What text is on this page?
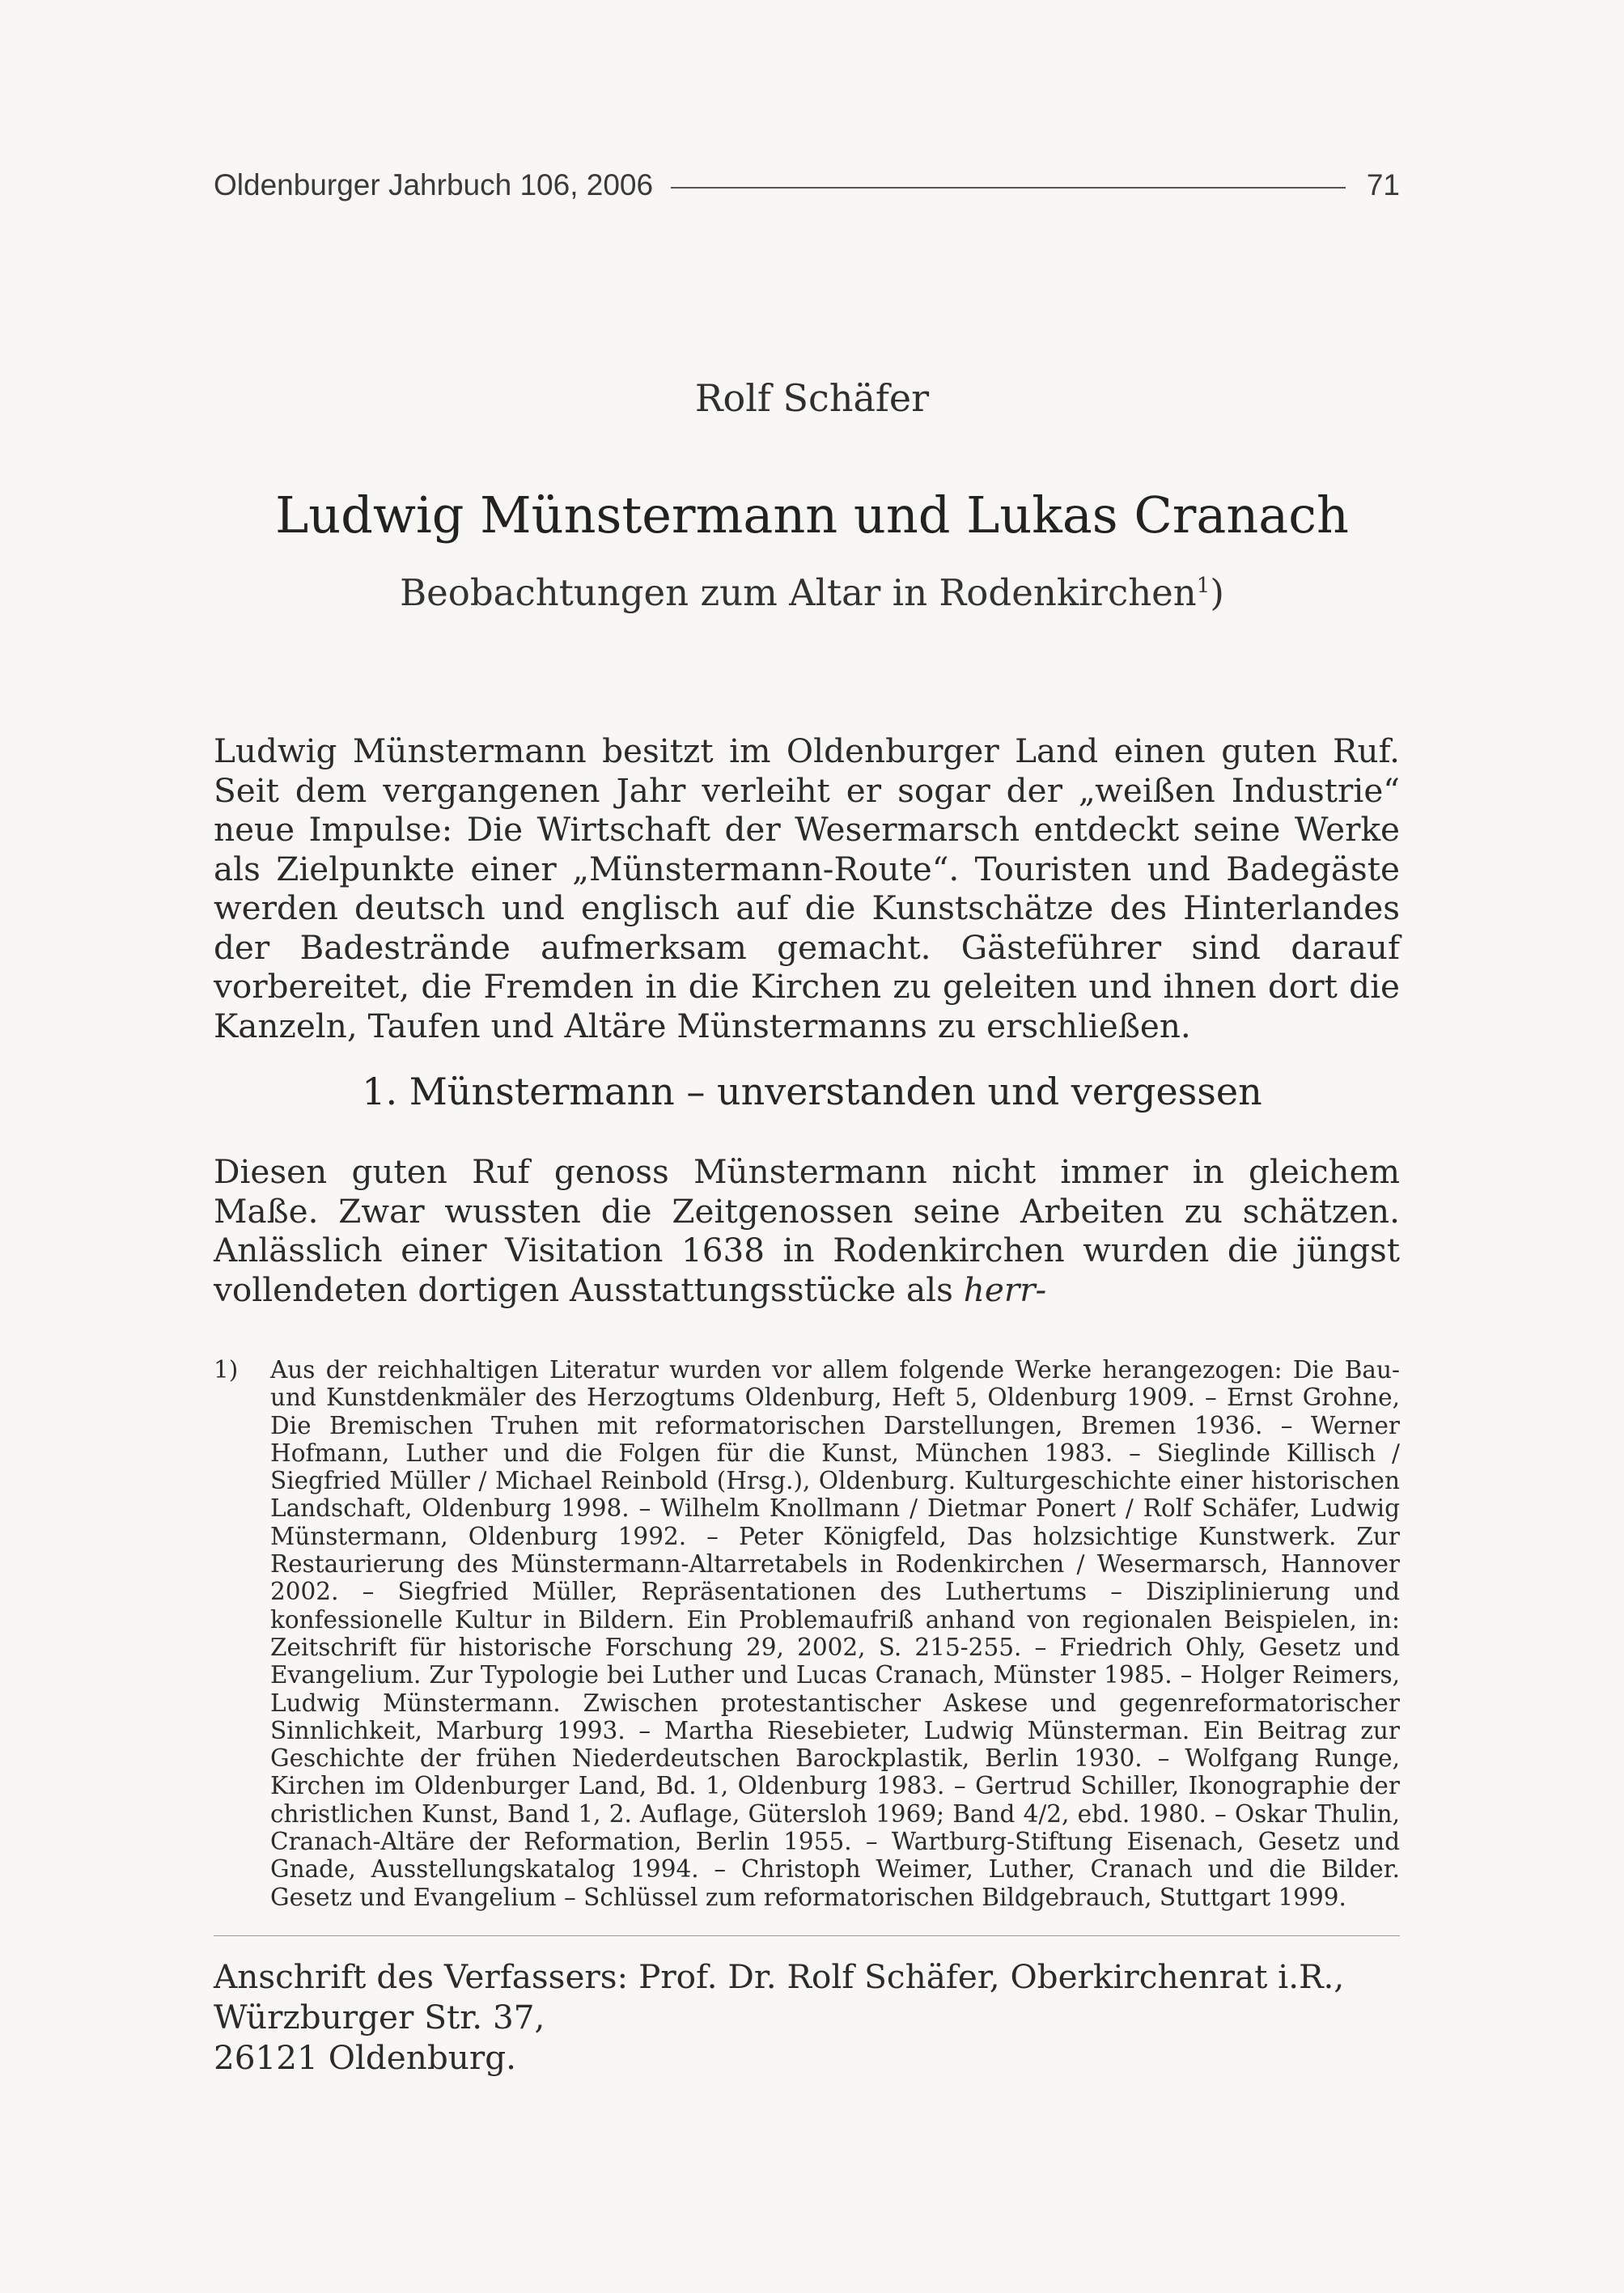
Oldenburger Jahrbuch 106, 2006	71
Rolf Schäfer
Ludwig Münstermann und Lukas Cranach
Beobachtungen zum Altar in Rodenkirchen$^1$)

Ludwig Münstermann besitzt im Oldenburger Land einen guten Ruf. Seit dem vergangenen Jahr verleiht er sogar der „weißen Industrie“ neue Impulse: Die Wirtschaft der Wesermarsch entdeckt seine Werke als Zielpunkte einer „Münstermann-Route“. Touristen und Badegäste werden deutsch und englisch auf die Kunstschätze des Hinterlandes der Badestrände aufmerksam gemacht. Gästeführer sind darauf vorbereitet, die Fremden in die Kirchen zu geleiten und ihnen dort die Kanzeln, Taufen und Altäre Münstermanns zu erschließen.

1. Münstermann – unverstanden und vergessen

Diesen guten Ruf genoss Münstermann nicht immer in gleichem Maße. Zwar wussten die Zeitgenossen seine Arbeiten zu schätzen. Anlässlich einer Visitation 1638 in Rodenkirchen wurden die jüngst vollendeten dortigen Ausstattungsstücke als herr-

1)	Aus der reichhaltigen Literatur wurden vor allem folgende Werke herangezogen: Die Bau- und Kunstdenkmäler des Herzogtums Oldenburg, Heft 5, Oldenburg 1909. – Ernst Grohne, Die Bremischen Truhen mit reformatorischen Darstellungen, Bremen 1936. – Werner Hofmann, Luther und die Folgen für die Kunst, München 1983. – Sieglinde Killisch / Siegfried Müller / Michael Reinbold (Hrsg.), Oldenburg. Kulturgeschichte einer historischen Landschaft, Oldenburg 1998. – Wilhelm Knollmann / Dietmar Ponert / Rolf Schäfer, Ludwig Münstermann, Oldenburg 1992. – Peter Königfeld, Das holzsichtige Kunstwerk. Zur Restaurierung des Münstermann-Altarretabels in Rodenkirchen / Wesermarsch, Hannover 2002. – Siegfried Müller, Repräsentationen des Luthertums – Disziplinierung und konfessionelle Kultur in Bildern. Ein Problemaufriß anhand von regionalen Beispielen, in: Zeitschrift für historische Forschung 29, 2002, S. 215-255. – Friedrich Ohly, Gesetz und Evangelium. Zur Typologie bei Luther und Lucas Cranach, Münster 1985. – Holger Reimers, Ludwig Münstermann. Zwischen protestantischer Askese und gegenreformatorischer Sinnlichkeit, Marburg 1993. – Martha Riesebieter, Ludwig Münsterman. Ein Beitrag zur Geschichte der frühen Niederdeutschen Barockplastik, Berlin 1930. – Wolfgang Runge, Kirchen im Oldenburger Land, Bd. 1, Oldenburg 1983. – Gertrud Schiller, Ikonographie der christlichen Kunst, Band 1, 2. Auflage, Gütersloh 1969; Band 4/2, ebd. 1980. – Oskar Thulin, Cranach-Altäre der Reformation, Berlin 1955. – Wartburg-Stiftung Eisenach, Gesetz und Gnade, Ausstellungskatalog 1994. – Christoph Weimer, Luther, Cranach und die Bilder. Gesetz und Evangelium – Schlüssel zum reformatorischen Bildgebrauch, Stuttgart 1999.

Anschrift des Verfassers: Prof. Dr. Rolf Schäfer, Oberkirchenrat i.R., Würzburger Str. 37,
26121 Oldenburg.
